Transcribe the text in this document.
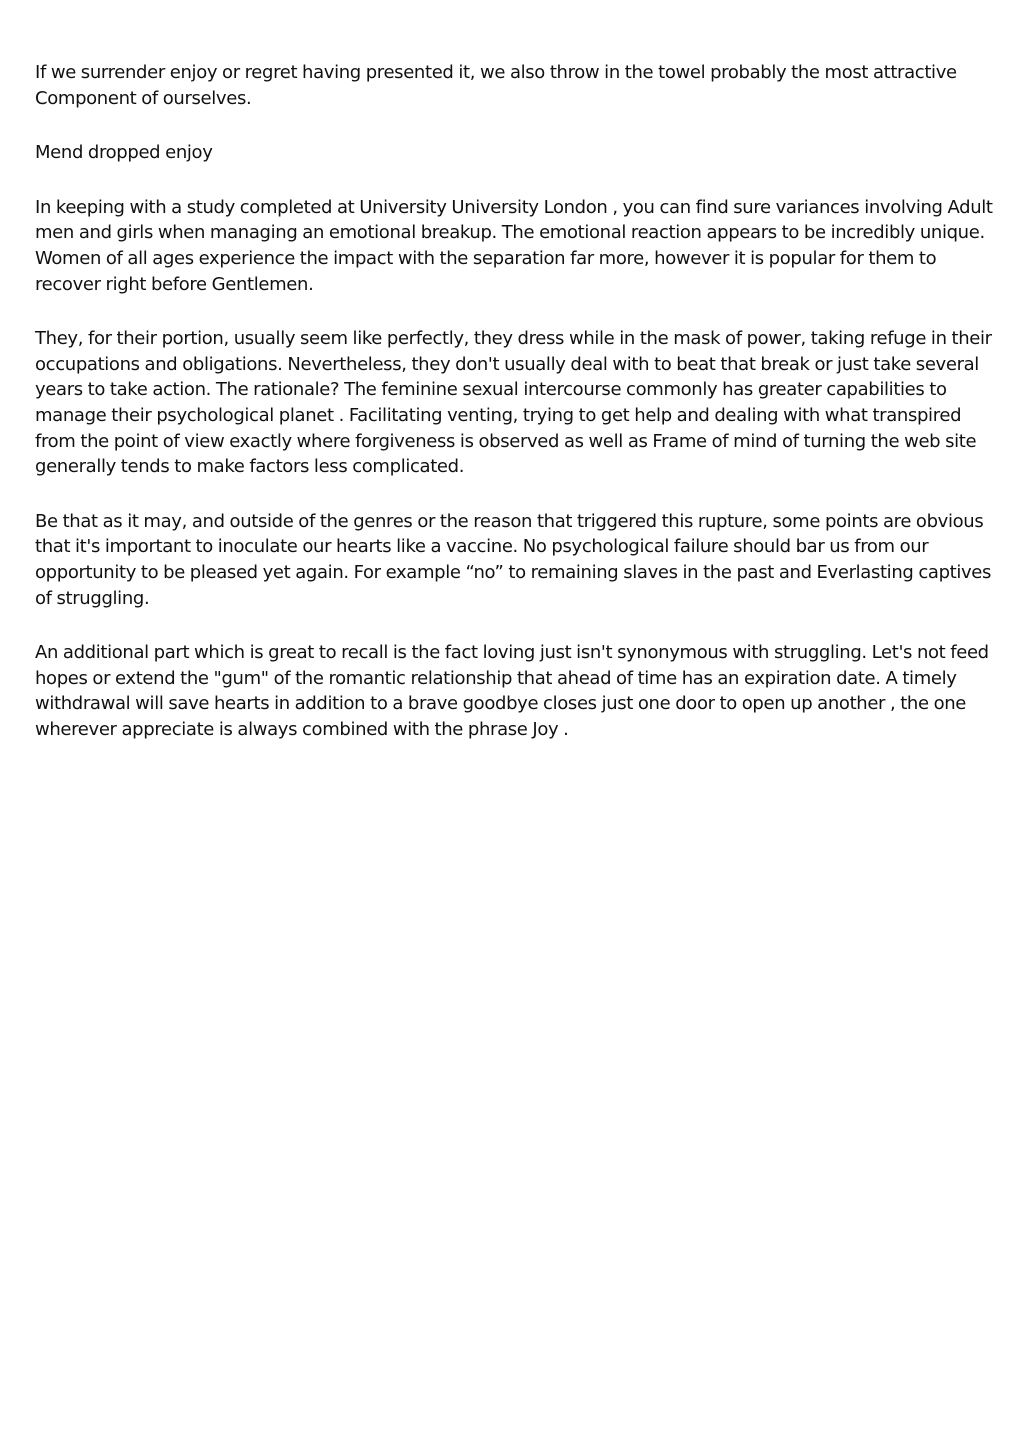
If we surrender enjoy or regret having presented it, we also throw in the towel probably the most attractive Component of ourselves.

Mend dropped enjoy

In keeping with a study completed at University University London , you can find sure variances involving Adult men and girls when managing an emotional breakup. The emotional reaction appears to be incredibly unique. Women of all ages experience the impact with the separation far more, however it is popular for them to recover right before Gentlemen.

They, for their portion, usually seem like perfectly, they dress while in the mask of power, taking refuge in their occupations and obligations. Nevertheless, they don't usually deal with to beat that break or just take several years to take action. The rationale? The feminine sexual intercourse commonly has greater capabilities to manage their psychological planet . Facilitating venting, trying to get help and dealing with what transpired from the point of view exactly where forgiveness is observed as well as Frame of mind of turning the web site generally tends to make factors less complicated.

Be that as it may, and outside of the genres or the reason that triggered this rupture, some points are obvious that it's important to inoculate our hearts like a vaccine. No psychological failure should bar us from our opportunity to be pleased yet again. For example “no” to remaining slaves in the past and Everlasting captives of struggling.

An additional part which is great to recall is the fact loving just isn't synonymous with struggling. Let's not feed hopes or extend the "gum" of the romantic relationship that ahead of time has an expiration date. A timely withdrawal will save hearts in addition to a brave goodbye closes just one door to open up another , the one wherever appreciate is always combined with the phrase Joy .
